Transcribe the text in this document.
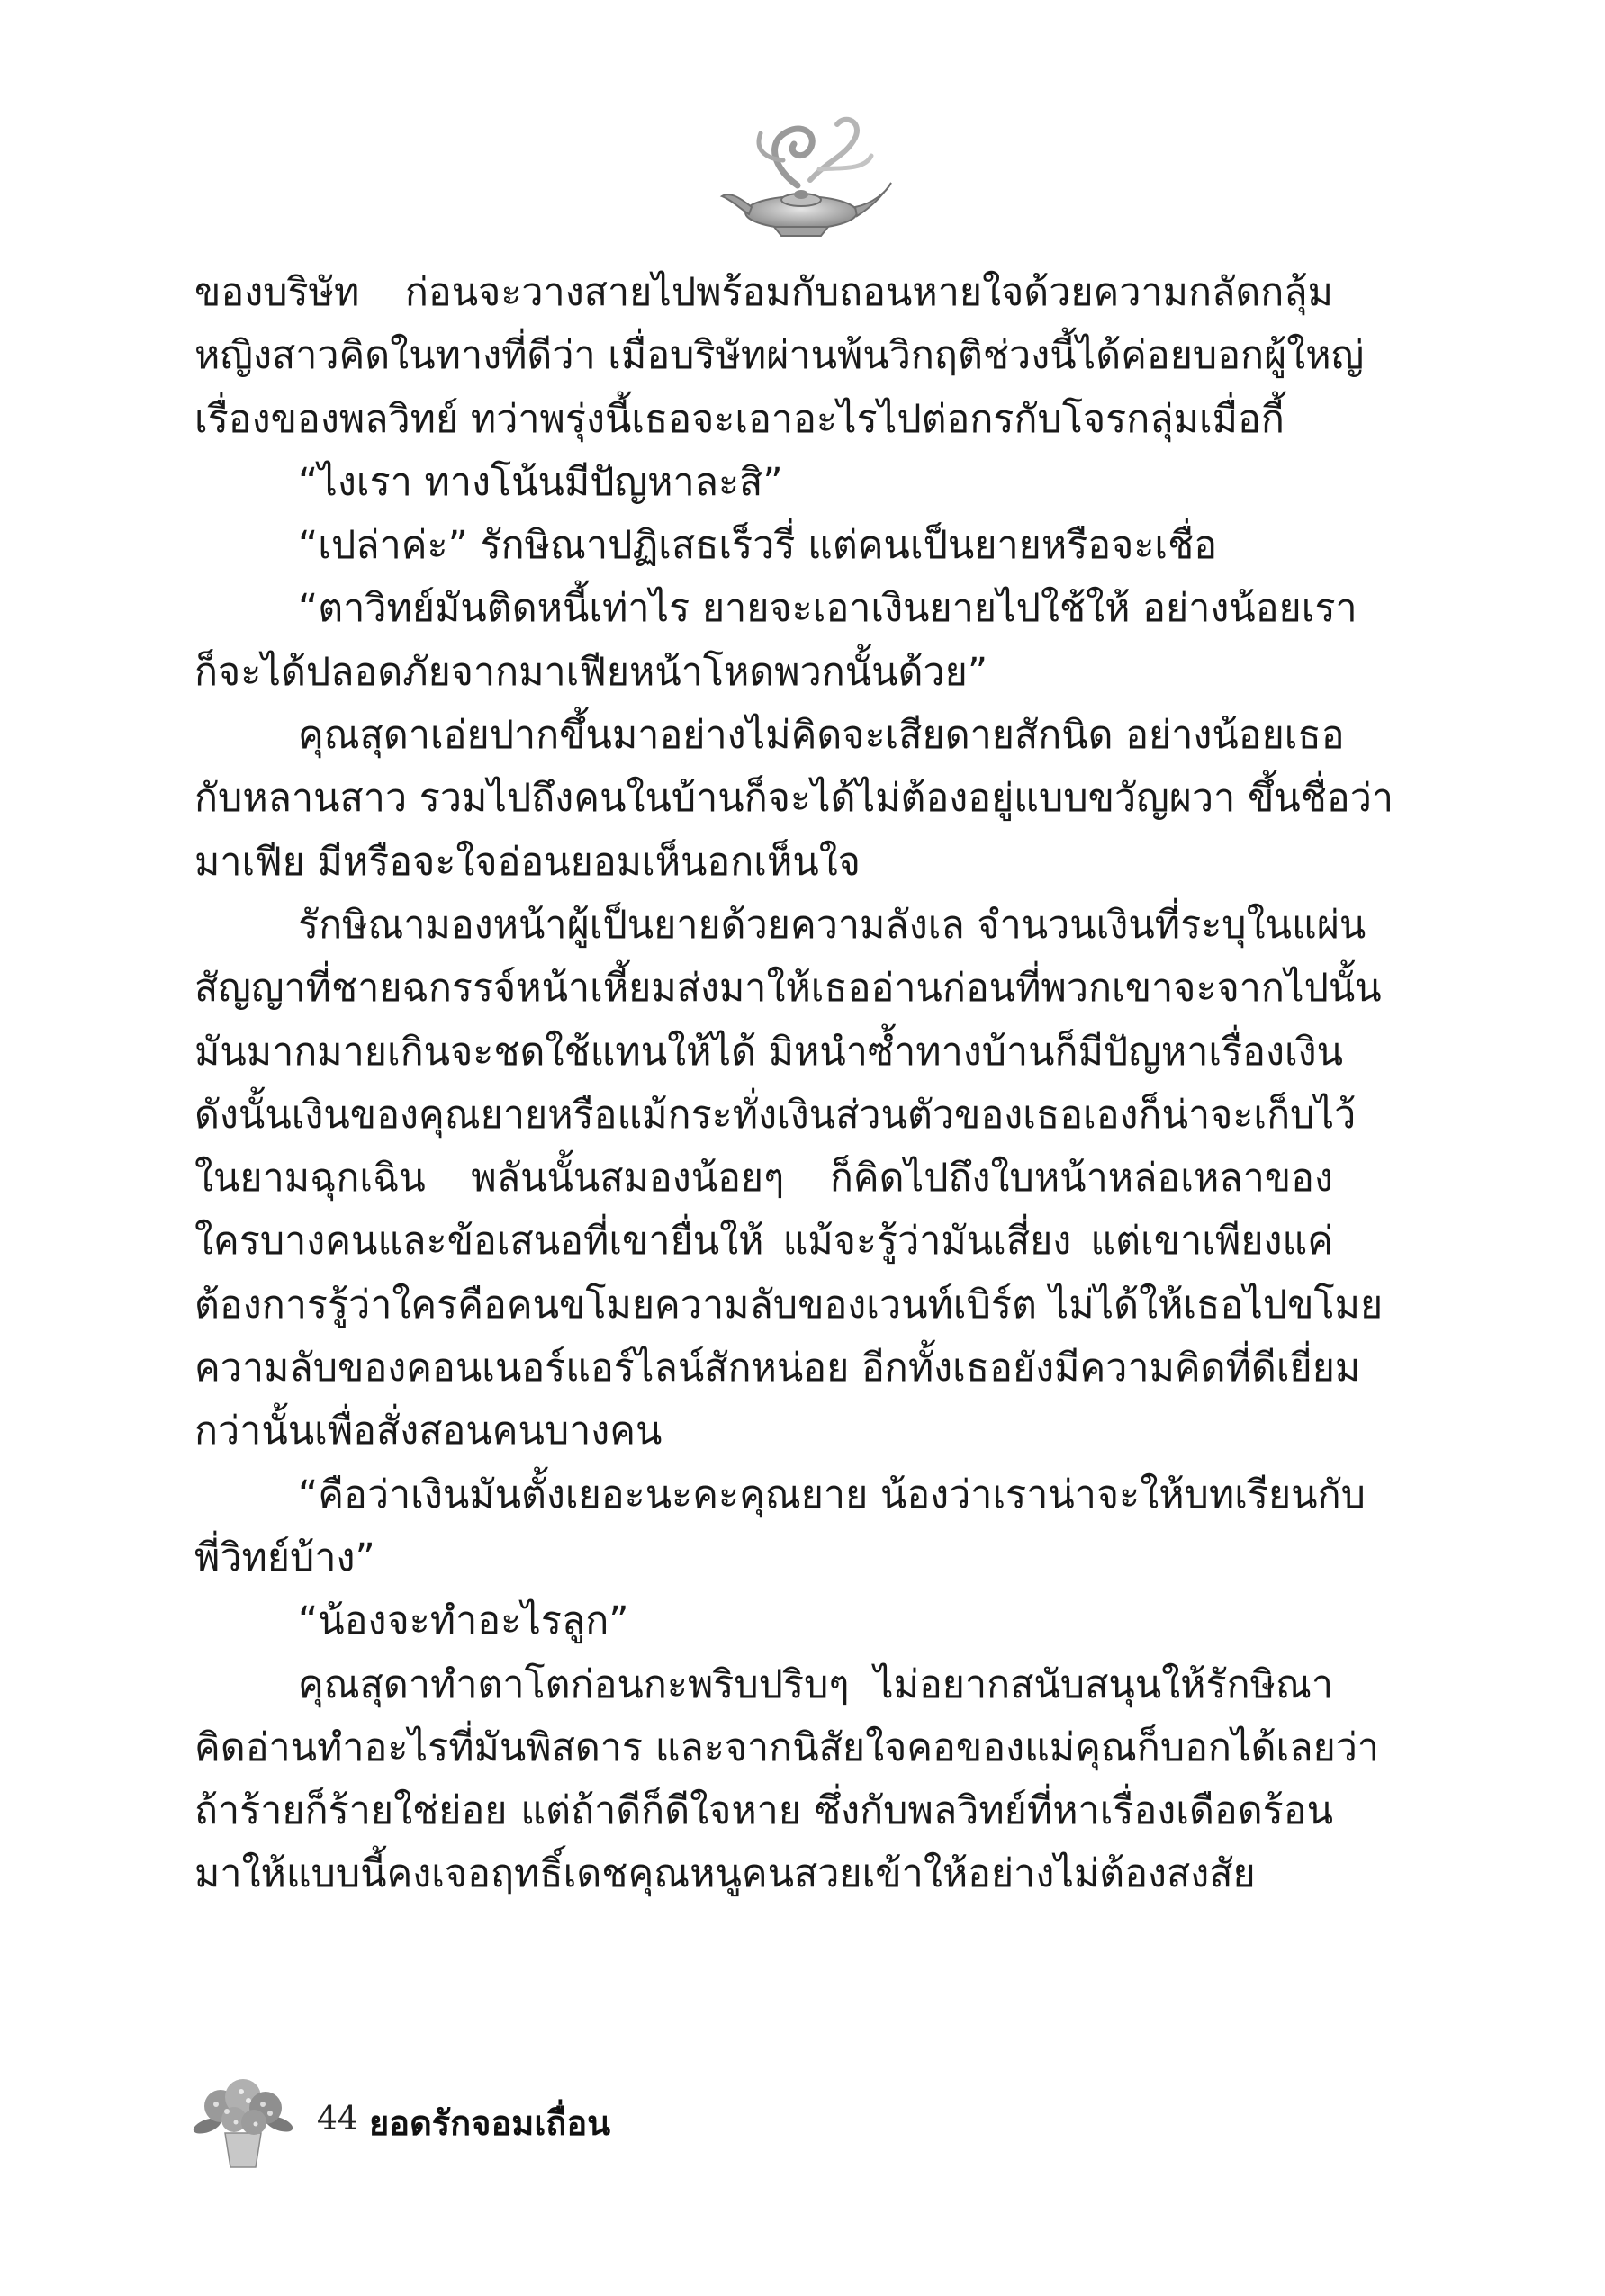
ของบริษัท ก่อนจะวางสายไปพร้อมกับถอนหายใจด้วยความกลัดกลุ้ม
หญิงสาวคิดในทางที่ดีว่า เมื่อบริษัทผ่านพ้นวิกฤติช่วงนี้ได้ค่อยบอกผู้ใหญ่
เรื่องของพลวิทย์ ทว่าพรุ่งนี้เธอจะเอาอะไรไปต่อกรกับโจรกลุ่มเมื่อกี้
“ไงเรา ทางโน้นมีปัญหาละสิ”
“เปล่าค่ะ” รักษิณาปฏิเสธเร็วรี่ แต่คนเป็นยายหรือจะเชื่อ
“ตาวิทย์มันติดหนี้เท่าไร ยายจะเอาเงินยายไปใช้ให้ อย่างน้อยเรา
ก็จะได้ปลอดภัยจากมาเฟียหน้าโหดพวกนั้นด้วย”
คุณสุดาเอ่ยปากขึ้นมาอย่างไม่คิดจะเสียดายสักนิด อย่างน้อยเธอ
กับหลานสาว รวมไปถึงคนในบ้านก็จะได้ไม่ต้องอยู่แบบขวัญผวา ขึ้นชื่อว่า
มาเฟีย มีหรือจะใจอ่อนยอมเห็นอกเห็นใจ
รักษิณามองหน้าผู้เป็นยายด้วยความลังเล จำนวนเงินที่ระบุในแผ่น
สัญญาที่ชายฉกรรจ์หน้าเหี้ยมส่งมาให้เธออ่านก่อนที่พวกเขาจะจากไปนั้น
มันมากมายเกินจะชดใช้แทนให้ได้ มิหนำซ้ำทางบ้านก็มีปัญหาเรื่องเงิน
ดังนั้นเงินของคุณยายหรือแม้กระทั่งเงินส่วนตัวของเธอเองก็น่าจะเก็บไว้
ในยามฉุกเฉิน พลันนั้นสมองน้อยๆ ก็คิดไปถึงใบหน้าหล่อเหลาของ
ใครบางคนและข้อเสนอที่เขายื่นให้ แม้จะรู้ว่ามันเสี่ยง แต่เขาเพียงแค่
ต้องการรู้ว่าใครคือคนขโมยความลับของเวนท์เบิร์ต ไม่ได้ให้เธอไปขโมย
ความลับของคอนเนอร์แอร์ไลน์สักหน่อย อีกทั้งเธอยังมีความคิดที่ดีเยี่ยม
กว่านั้นเพื่อสั่งสอนคนบางคน
“คือว่าเงินมันตั้งเยอะนะคะคุณยาย น้องว่าเราน่าจะให้บทเรียนกับ
พี่วิทย์บ้าง”
“น้องจะทำอะไรลูก”
คุณสุดาทำตาโตก่อนกะพริบปริบๆ ไม่อยากสนับสนุนให้รักษิณา
คิดอ่านทำอะไรที่มันพิสดาร และจากนิสัยใจคอของแม่คุณก็บอกได้เลยว่า
ถ้าร้ายก็ร้ายใช่ย่อย แต่ถ้าดีก็ดีใจหาย ซึ่งกับพลวิทย์ที่หาเรื่องเดือดร้อน
มาให้แบบนี้คงเจอฤทธิ์เดชคุณหนูคนสวยเข้าให้อย่างไม่ต้องสงสัย
44 ยอดรักจอมเถื่อน
